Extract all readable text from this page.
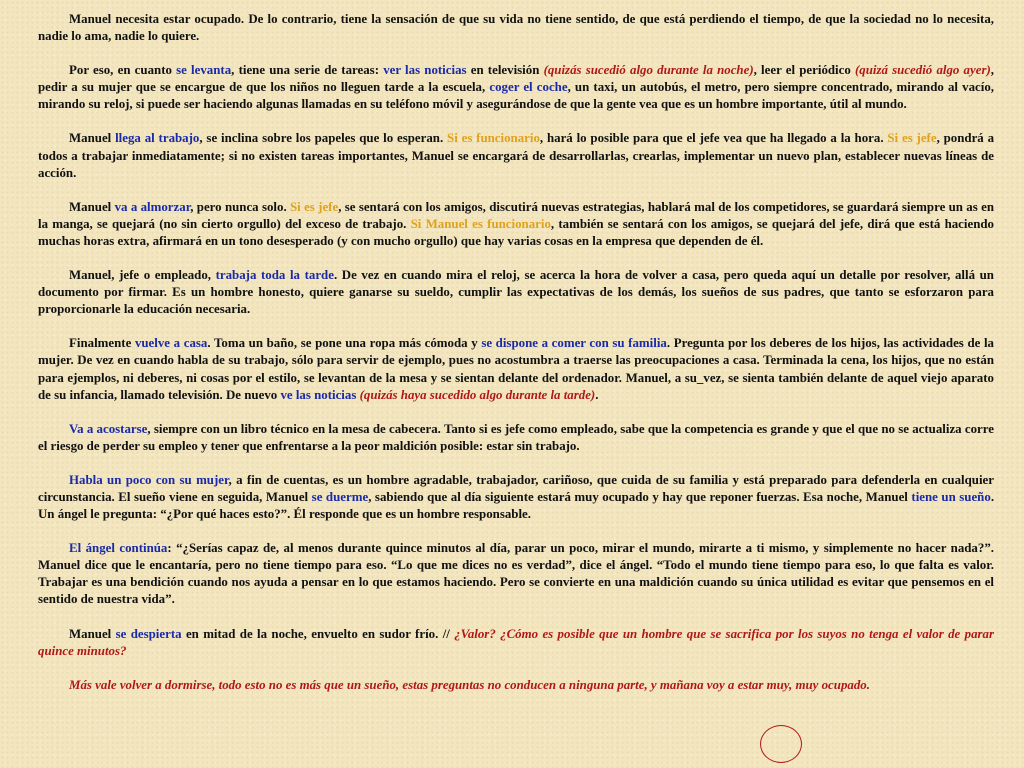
Manuel necesita estar ocupado. De lo contrario, tiene la sensación de que su vida no tiene sentido, de que está perdiendo el tiempo, de que la sociedad no lo necesita, nadie lo ama, nadie lo quiere.

Por eso, en cuanto se levanta, tiene una serie de tareas: ver las noticias en televisión (quizás sucedió algo durante la noche), leer el periódico (quizá sucedió algo ayer), pedir a su mujer que se encargue de que los niños no lleguen tarde a la escuela, coger el coche, un taxi, un autobús, el metro, pero siempre concentrado, mirando al vacío, mirando su reloj, si puede ser haciendo algunas llamadas en su teléfono móvil y asegurándose de que la gente vea que es un hombre importante, útil al mundo.

Manuel llega al trabajo, se inclina sobre los papeles que lo esperan. Si es funcionario, hará lo posible para que el jefe vea que ha llegado a la hora. Si es jefe, pondrá a todos a trabajar inmediatamente; si no existen tareas importantes, Manuel se encargará de desarrollarlas, crearlas, implementar un nuevo plan, establecer nuevas líneas de acción.

Manuel va a almorzar, pero nunca solo. Si es jefe, se sentará con los amigos, discutirá nuevas estrategias, hablará mal de los competidores, se guardará siempre un as en la manga, se quejará (no sin cierto orgullo) del exceso de trabajo. Si Manuel es funcionario, también se sentará con los amigos, se quejará del jefe, dirá que está haciendo muchas horas extra, afirmará en un tono desesperado (y con mucho orgullo) que hay varias cosas en la empresa que dependen de él.

Manuel, jefe o empleado, trabaja toda la tarde. De vez en cuando mira el reloj, se acerca la hora de volver a casa, pero queda aquí un detalle por resolver, allá un documento por firmar. Es un hombre honesto, quiere ganarse su sueldo, cumplir las expectativas de los demás, los sueños de sus padres, que tanto se esforzaron para proporcionarle la educación necesaria.

Finalmente vuelve a casa. Toma un baño, se pone una ropa más cómoda y se dispone a comer con su familia. Pregunta por los deberes de los hijos, las actividades de la mujer. De vez en cuando habla de su trabajo, sólo para servir de ejemplo, pues no acostumbra a traerse las preocupaciones a casa. Terminada la cena, los hijos, que no están para ejemplos, ni deberes, ni cosas por el estilo, se levantan de la mesa y se sientan delante del ordenador. Manuel, a su_vez, se sienta también delante de aquel viejo aparato de su infancia, llamado televisión. De nuevo ve las noticias (quizás haya sucedido algo durante la tarde).

Va a acostarse, siempre con un libro técnico en la mesa de cabecera. Tanto si es jefe como empleado, sabe que la competencia es grande y que el que no se actualiza corre el riesgo de perder su empleo y tener que enfrentarse a la peor maldición posible: estar sin trabajo.

Habla un poco con su mujer, a fin de cuentas, es un hombre agradable, trabajador, cariñoso, que cuida de su familia y está preparado para defenderla en cualquier circunstancia. El sueño viene en seguida, Manuel se duerme, sabiendo que al día siguiente estará muy ocupado y hay que reponer fuerzas. Esa noche, Manuel tiene un sueño. Un ángel le pregunta: “¿Por qué haces esto?”. Él responde que es un hombre responsable.

El ángel continúa: “¿Serías capaz de, al menos durante quince minutos al día, parar un poco, mirar el mundo, mirarte a ti mismo, y simplemente no hacer nada?”. Manuel dice que le encantaría, pero no tiene tiempo para eso. “Lo que me dices no es verdad”, dice el ángel. “Todo el mundo tiene tiempo para eso, lo que falta es valor. Trabajar es una bendición cuando nos ayuda a pensar en lo que estamos haciendo. Pero se convierte en una maldición cuando su única utilidad es evitar que pensemos en el sentido de nuestra vida”.

Manuel se despierta en mitad de la noche, envuelto en sudor frío. // ¿Valor? ¿Cómo es posible que un hombre que se sacrifica por los suyos no tenga el valor de parar quince minutos?

Más vale volver a dormirse, todo esto no es más que un sueño, estas preguntas no conducen a ninguna parte, y mañana voy a estar muy, muy ocupado.
